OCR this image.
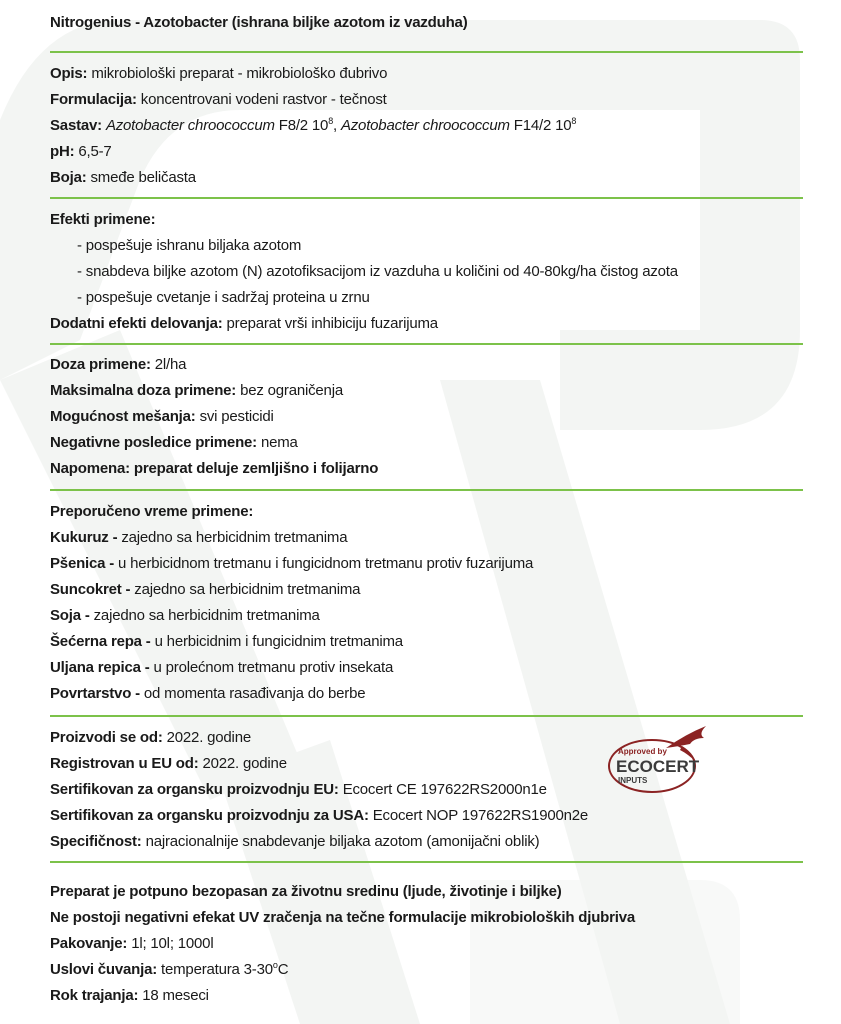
Nitrogenius - Azotobacter (ishrana biljke azotom iz vazduha)
Opis: mikrobiološki preparat - mikrobiološko đubrivo
Formulacija: koncentrovani vodeni rastvor - tečnost
Sastav: Azotobacter chroococcum F8/2 $10^8$, Azotobacter chroococcum F14/2 $10^8$
pH: 6,5-7
Boja: smeđe beličasta
Efekti primene:
- pospešuje ishranu biljaka azotom
- snabdeva biljke azotom (N) azotofiksacijom iz vazduha u količini od 40-80kg/ha čistog azota
- pospešuje cvetanje i sadržaj proteina u zrnu
Dodatni efekti delovanja: preparat vrši inhibiciju fuzarijuma
Doza primene: 2l/ha
Maksimalna doza primene: bez ograničenja
Mogućnost mešanja: svi pesticidi
Negativne posledice primene: nema
Napomena: preparat deluje zemljišno i folijarno
Preporučeno vreme primene:
Kukuruz - zajedno sa herbicidnim tretmanima
Pšenica - u herbicidnom tretmanu i fungicidnom tretmanu protiv fuzarijuma
Suncokret - zajedno sa herbicidnim tretmanima
Soja - zajedno sa herbicidnim tretmanima
Šećerna repa - u herbicidnim i fungicidnim tretmanima
Uljana repica - u prolećnom tretmanu protiv insekata
Povrtarstvo - od momenta rasađivanja do berbe
Proizvodi se od: 2022. godine
Registrovan u EU od: 2022. godine
Sertifikovan za organsku proizvodnju EU: Ecocert CE 197622RS2000n1e
Sertifikovan za organsku proizvodnju za USA: Ecocert NOP 197622RS1900n2e
Specifičnost: najracionalnije snabdevanje biljaka azotom (amonijačni oblik)
Approved by
ECOCERT
INPUTS
Preparat je potpuno bezopasan za životnu sredinu (ljude, životinje i biljke)
Ne postoji negativni efekat UV zračenja na tečne formulacije mikrobioloških djubriva
Pakovanje: 1l; 10l; 1000l
Uslovi čuvanja: temperatura 3-30$^o$C
Rok trajanja: 18 meseci
